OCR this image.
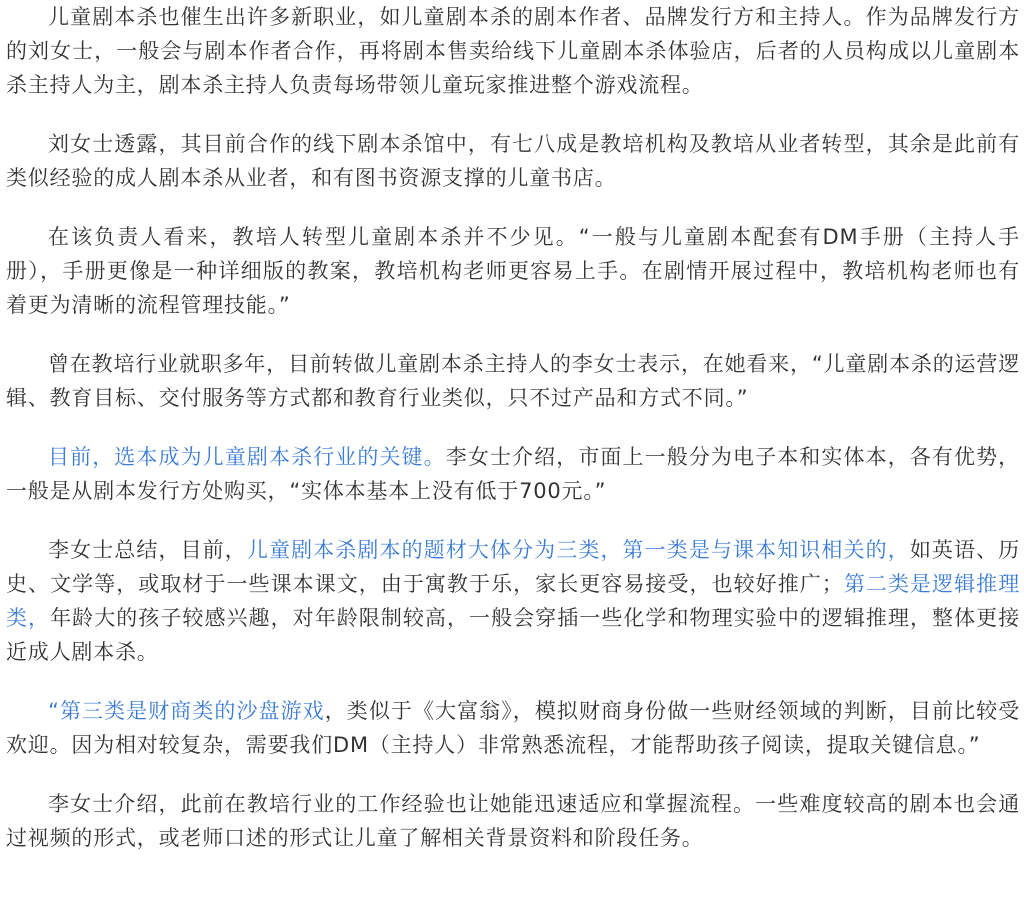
儿童剧本杀也催生出许多新职业，如儿童剧本杀的剧本作者、品牌发行方和主持人。作为品牌发行方的刘女士，一般会与剧本作者合作，再将剧本售卖给线下儿童剧本杀体验店，后者的人员构成以儿童剧本杀主持人为主，剧本杀主持人负责每场带领儿童玩家推进整个游戏流程。

刘女士透露，其目前合作的线下剧本杀馆中，有七八成是教培机构及教培从业者转型，其余是此前有类似经验的成人剧本杀从业者，和有图书资源支撑的儿童书店。

在该负责人看来，教培人转型儿童剧本杀并不少见。“一般与儿童剧本配套有DM手册（主持人手册），手册更像是一种详细版的教案，教培机构老师更容易上手。在剧情开展过程中，教培机构老师也有着更为清晰的流程管理技能。”

曾在教培行业就职多年，目前转做儿童剧本杀主持人的李女士表示，在她看来，“儿童剧本杀的运营逻辑、教育目标、交付服务等方式都和教育行业类似，只不过产品和方式不同。”

目前，选本成为儿童剧本杀行业的关键。李女士介绍，市面上一般分为电子本和实体本，各有优势，一般是从剧本发行方处购买，“实体本基本上没有低于700元。”

李女士总结，目前，儿童剧本杀剧本的题材大体分为三类，第一类是与课本知识相关的，如英语、历史、文学等，或取材于一些课本课文，由于寓教于乐，家长更容易接受，也较好推广；第二类是逻辑推理类，年龄大的孩子较感兴趣，对年龄限制较高，一般会穿插一些化学和物理实验中的逻辑推理，整体更接近成人剧本杀。

“第三类是财商类的沙盘游戏，类似于《大富翁》，模拟财商身份做一些财经领域的判断，目前比较受欢迎。因为相对较复杂，需要我们DM（主持人）非常熟悉流程，才能帮助孩子阅读，提取关键信息。”

李女士介绍，此前在教培行业的工作经验也让她能迅速适应和掌握流程。一些难度较高的剧本也会通过视频的形式，或老师口述的形式让儿童了解相关背景资料和阶段任务。
